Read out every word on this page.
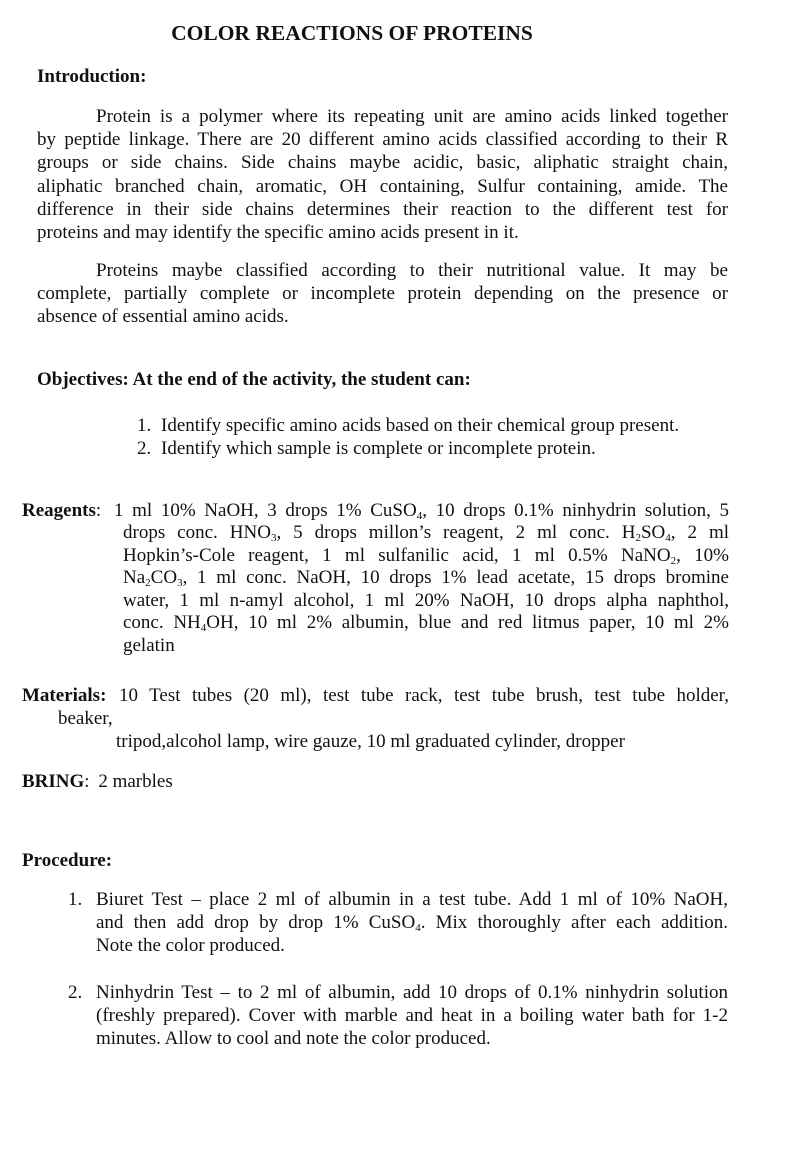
COLOR REACTIONS OF PROTEINS
Introduction:
Protein is a polymer where its repeating unit are amino acids linked together
by peptide linkage. There are 20 different amino acids classified according to their R
groups or side chains. Side chains maybe acidic, basic, aliphatic straight chain,
aliphatic branched chain, aromatic, OH containing, Sulfur containing, amide. The
difference in their side chains determines their reaction to the different test for
proteins and may identify the specific amino acids present in it.
Proteins maybe classified according to their nutritional value. It may be
complete, partially complete or incomplete protein depending on the presence or
absence of essential amino acids.
Objectives: At the end of the activity, the student can:
1. Identify specific amino acids based on their chemical group present.
2. Identify which sample is complete or incomplete protein.
Reagents: 1 ml 10% NaOH, 3 drops 1% CuSO$_4$, 10 drops 0.1% ninhydrin solution, 5
drops conc. $HNO_3$, 5 drops millon’s reagent, 2 ml conc. $H_2SO_4$, 2 ml
Hopkin’s-Cole reagent, 1 ml sulfanilic acid, 1 ml 0.5% NaNO$_2$, 10%
$Na_2CO_3$, 1 ml conc. NaOH, 10 drops 1% lead acetate, 15 drops bromine
water, 1 ml n-amyl alcohol, 1 ml 20% NaOH, 10 drops alpha naphthol,
conc. $NH_4OH$, 10 ml 2% albumin, blue and red litmus paper, 10 ml 2%
gelatin
Materials: 10 Test tubes (20 ml), test tube rack, test tube brush, test tube holder,
beaker,
tripod,alcohol lamp, wire gauze, 10 ml graduated cylinder, dropper
BRING: 2 marbles
Procedure:
1. Biuret Test – place 2 ml of albumin in a test tube. Add 1 ml of 10% NaOH,
and then add drop by drop 1% CuSO$_4$. Mix thoroughly after each addition.
Note the color produced.
2. Ninhydrin Test – to 2 ml of albumin, add 10 drops of 0.1% ninhydrin solution
(freshly prepared). Cover with marble and heat in a boiling water bath for 1-2
minutes. Allow to cool and note the color produced.
